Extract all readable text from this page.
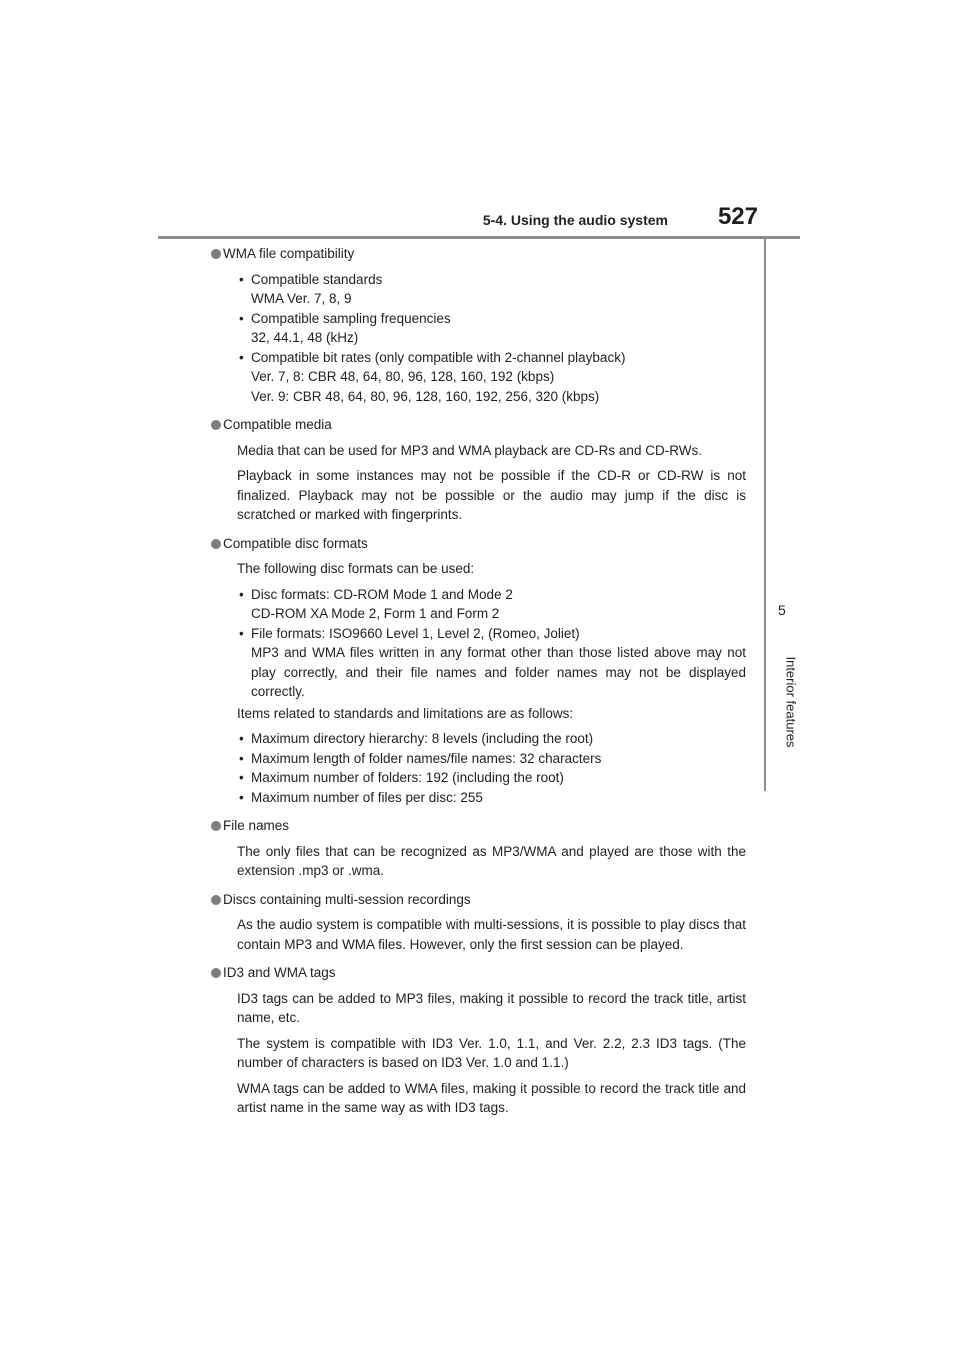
5-4. Using the audio system 527
5
Interior features
WMA file compatibility
• Compatible standards
WMA Ver. 7, 8, 9
• Compatible sampling frequencies
32, 44.1, 48 (kHz)
• Compatible bit rates (only compatible with 2-channel playback)
Ver. 7, 8: CBR 48, 64, 80, 96, 128, 160, 192 (kbps)
Ver. 9: CBR 48, 64, 80, 96, 128, 160, 192, 256, 320 (kbps)
Compatible media
Media that can be used for MP3 and WMA playback are CD-Rs and CD-RWs.
Playback in some instances may not be possible if the CD-R or CD-RW is not finalized. Playback may not be possible or the audio may jump if the disc is scratched or marked with fingerprints.
Compatible disc formats
The following disc formats can be used:
• Disc formats: CD-ROM Mode 1 and Mode 2
CD-ROM XA Mode 2, Form 1 and Form 2
• File formats: ISO9660 Level 1, Level 2, (Romeo, Joliet)
MP3 and WMA files written in any format other than those listed above may not play correctly, and their file names and folder names may not be displayed correctly.
Items related to standards and limitations are as follows:
• Maximum directory hierarchy: 8 levels (including the root)
• Maximum length of folder names/file names: 32 characters
• Maximum number of folders: 192 (including the root)
• Maximum number of files per disc: 255
File names
The only files that can be recognized as MP3/WMA and played are those with the extension .mp3 or .wma.
Discs containing multi-session recordings
As the audio system is compatible with multi-sessions, it is possible to play discs that contain MP3 and WMA files. However, only the first session can be played.
ID3 and WMA tags
ID3 tags can be added to MP3 files, making it possible to record the track title, artist name, etc.
The system is compatible with ID3 Ver. 1.0, 1.1, and Ver. 2.2, 2.3 ID3 tags. (The number of characters is based on ID3 Ver. 1.0 and 1.1.)
WMA tags can be added to WMA files, making it possible to record the track title and artist name in the same way as with ID3 tags.
